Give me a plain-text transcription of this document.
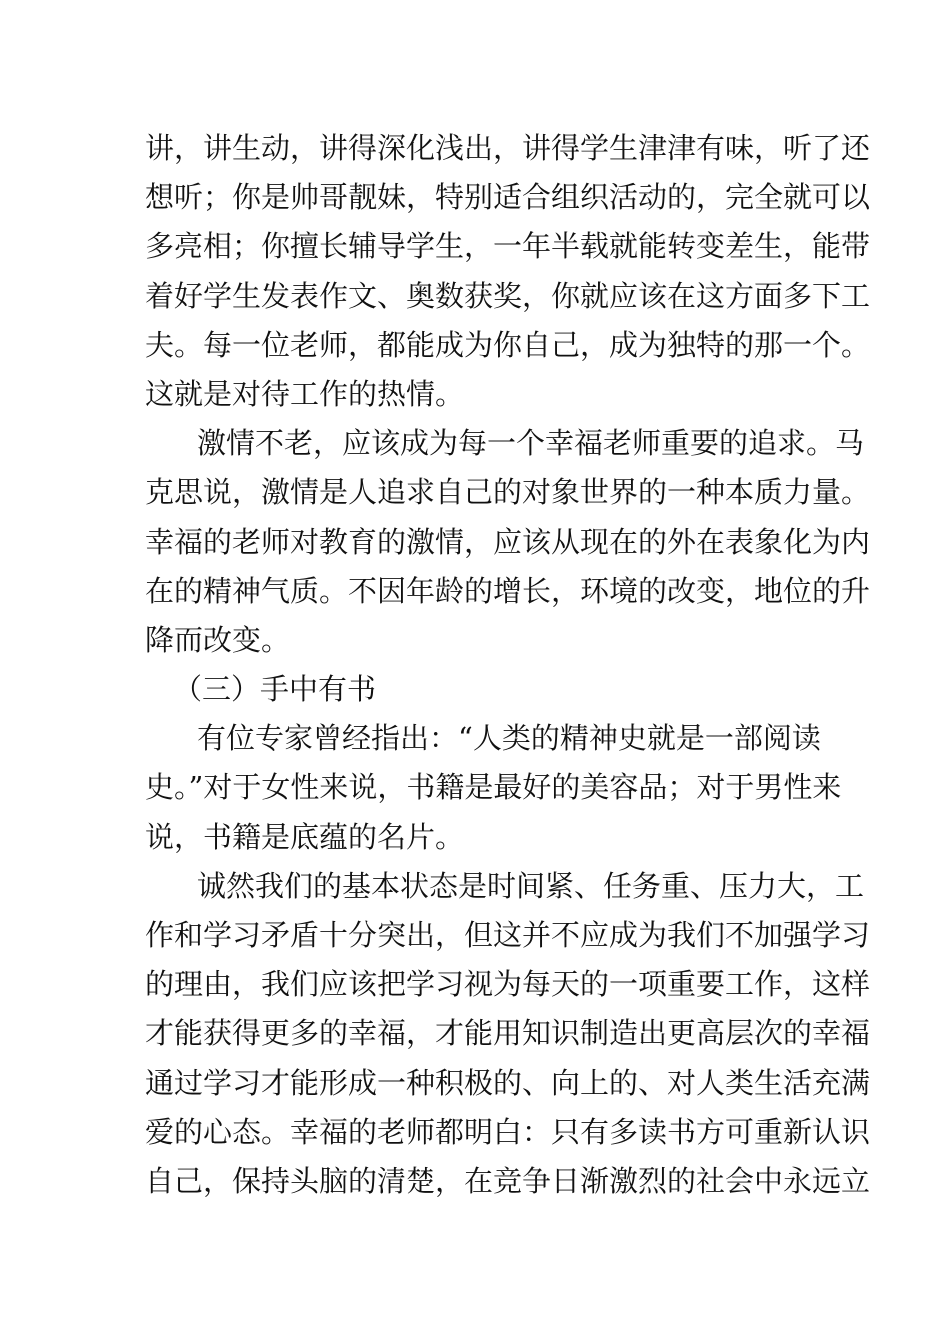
讲，讲生动，讲得深化浅出，讲得学生津津有味，听了还
想听；你是帅哥靓妹，特别适合组织活动的，完全就可以
多亮相；你擅长辅导学生，一年半载就能转变差生，能带
着好学生发表作文、奥数获奖，你就应该在这方面多下工
夫。每一位老师，都能成为你自己，成为独特的那一个。
这就是对待工作的热情。
激情不老，应该成为每一个幸福老师重要的追求。马
克思说，激情是人追求自己的对象世界的一种本质力量。
幸福的老师对教育的激情，应该从现在的外在表象化为内
在的精神气质。不因年龄的增长，环境的改变，地位的升
降而改变。
（三）手中有书
有位专家曾经指出：“人类的精神史就是一部阅读
史。”对于女性来说，书籍是最好的美容品；对于男性来
说，书籍是底蕴的名片。
诚然我们的基本状态是时间紧、任务重、压力大，工
作和学习矛盾十分突出，但这并不应成为我们不加强学习
的理由，我们应该把学习视为每天的一项重要工作，这样
才能获得更多的幸福，才能用知识制造出更高层次的幸福
通过学习才能形成一种积极的、向上的、对人类生活充满
爱的心态。幸福的老师都明白：只有多读书方可重新认识
自己，保持头脑的清楚，在竞争日渐激烈的社会中永远立
